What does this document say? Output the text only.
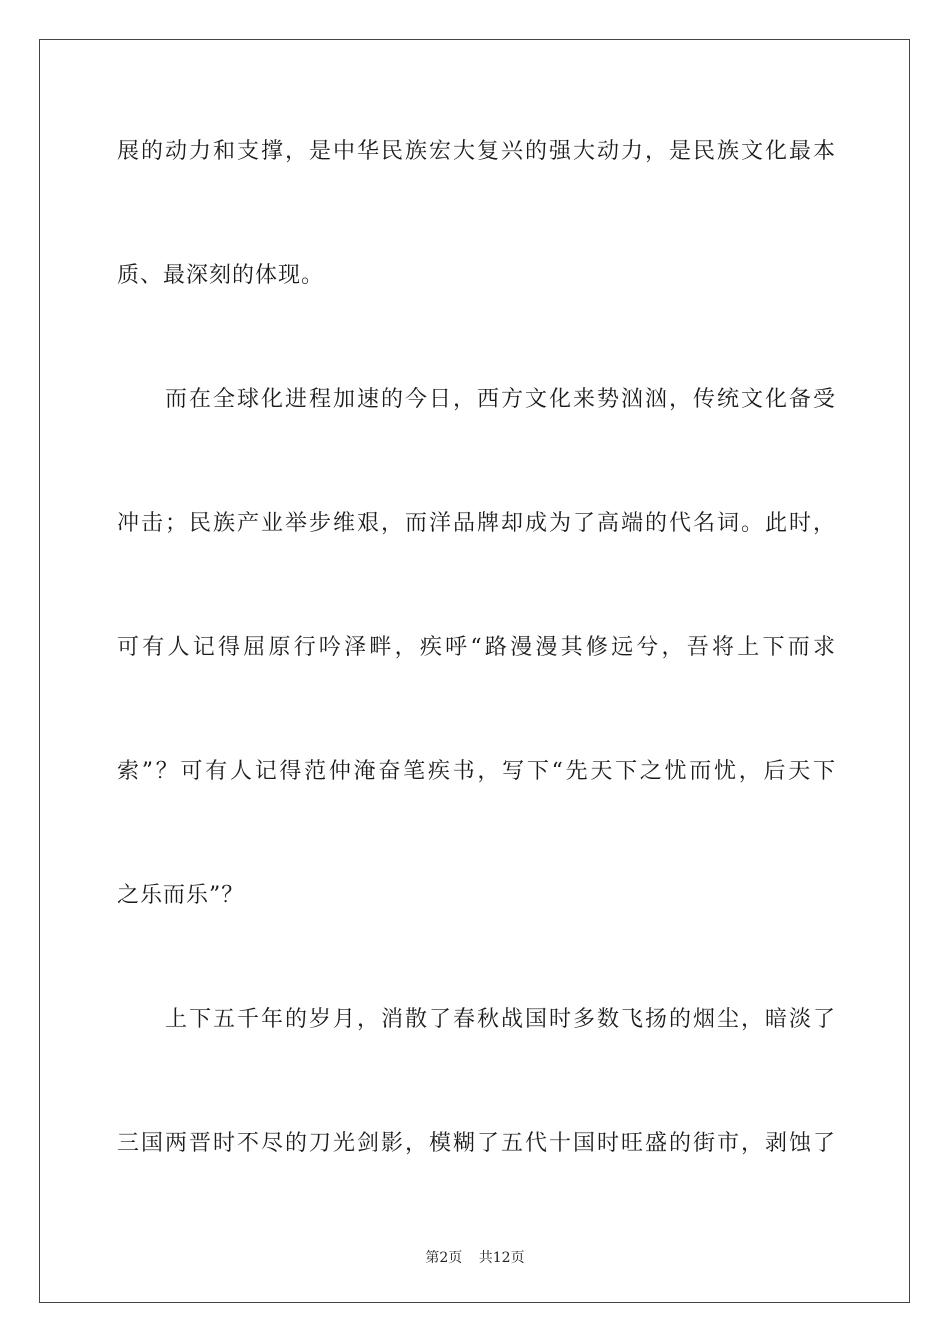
展的动力和支撑，是中华民族宏大复兴的强大动力，是民族文化最本
质、最深刻的体现。
而在全球化进程加速的今日，西方文化来势汹汹，传统文化备受
冲击；民族产业举步维艰，而洋品牌却成为了高端的代名词。此时，
可有人记得屈原行吟泽畔，疾呼“路漫漫其修远兮，吾将上下而求
索”？可有人记得范仲淹奋笔疾书，写下“先天下之忧而忧，后天下
之乐而乐”？
上下五千年的岁月，消散了春秋战国时多数飞扬的烟尘，暗淡了
三国两晋时不尽的刀光剑影，模糊了五代十国时旺盛的街市，剥蚀了
第2页 共12页
